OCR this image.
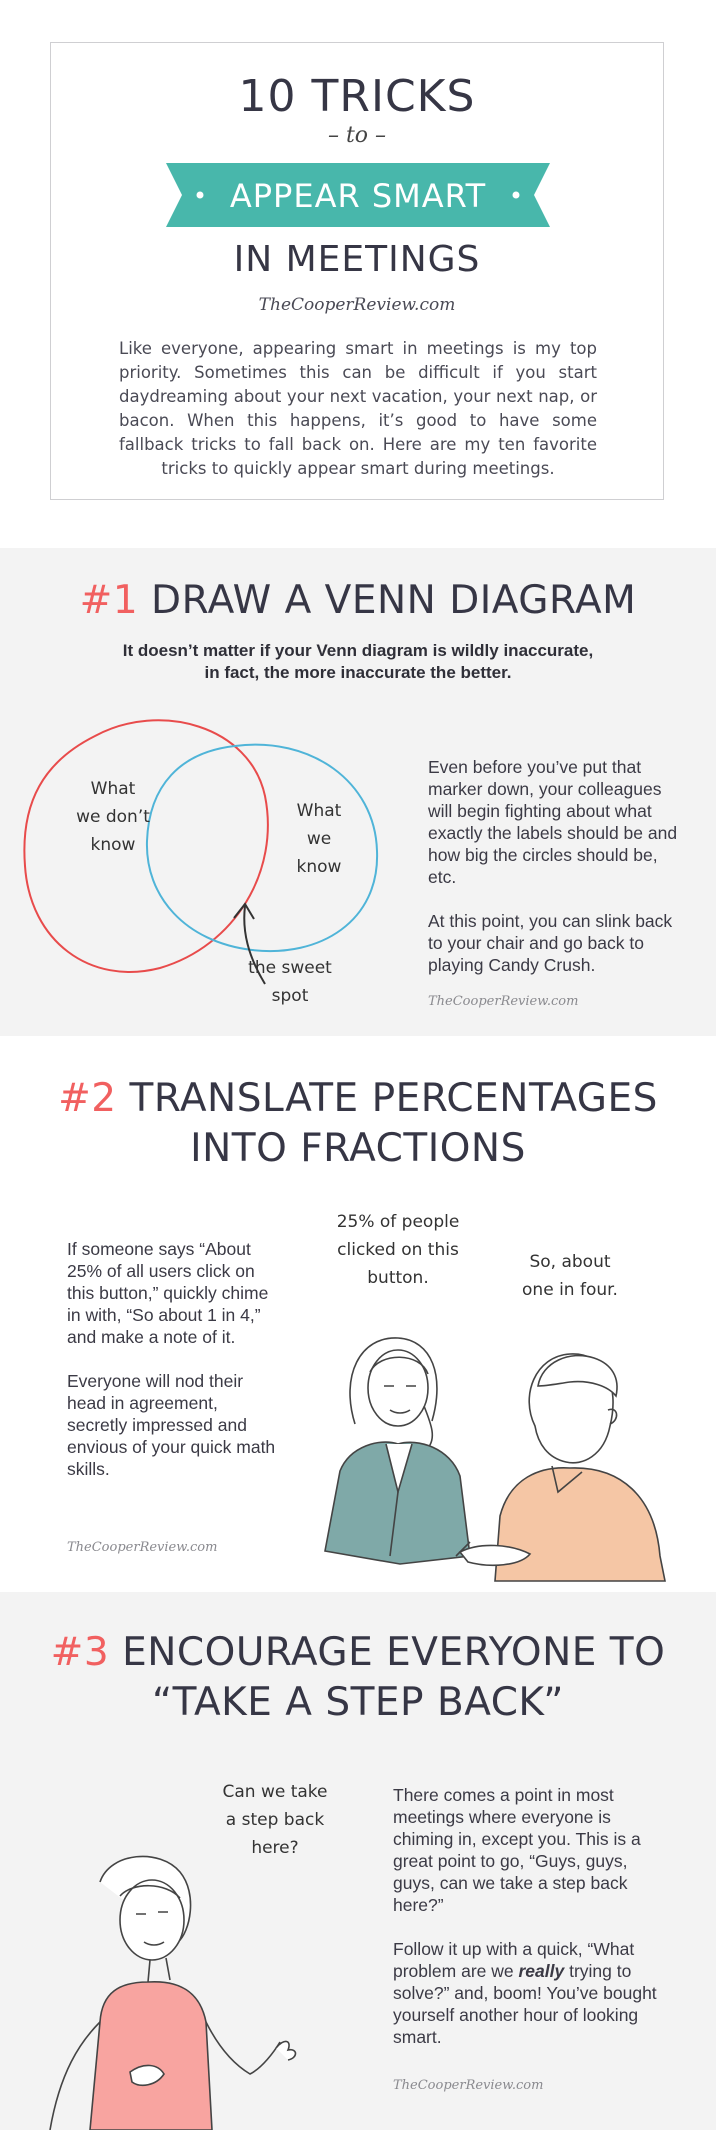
10 TRICKS
– to –
APPEAR SMART
IN MEETINGS
TheCooperReview.com
Like everyone, appearing smart in meetings is my top priority. Sometimes this can be difficult if you start daydreaming about your next vacation, your next nap, or bacon. When this happens, it’s good to have some fallback tricks to fall back on. Here are my ten favorite tricks to quickly appear smart during meetings.
#1 DRAW A VENN DIAGRAM
It doesn’t matter if your Venn diagram is wildly inaccurate, in fact, the more inaccurate the better.
What
we don’t
know
What
we
know
the sweet
spot

Even before you’ve put that marker down, your colleagues will begin fighting about what exactly the labels should be and how big the circles should be, etc.

At this point, you can slink back to your chair and go back to playing Candy Crush.

TheCooperReview.com
#2 TRANSLATE PERCENTAGES
INTO FRACTIONS

If someone says “About 25% of all users click on this button,” quickly chime in with, “So about 1 in 4,” and make a note of it.

Everyone will nod their head in agreement, secretly impressed and envious of your quick math skills.

TheCooperReview.com
25% of people
clicked on this
button.
So, about
one in four.
#3 ENCOURAGE EVERYONE TO
“TAKE A STEP BACK”
Can we take
a step back
here?

There comes a point in most meetings where everyone is chiming in, except you. This is a great point to go, “Guys, guys, guys, can we take a step back here?”

Follow it up with a quick, “What problem are we really trying to solve?” and, boom! You’ve bought yourself another hour of looking smart.

TheCooperReview.com
